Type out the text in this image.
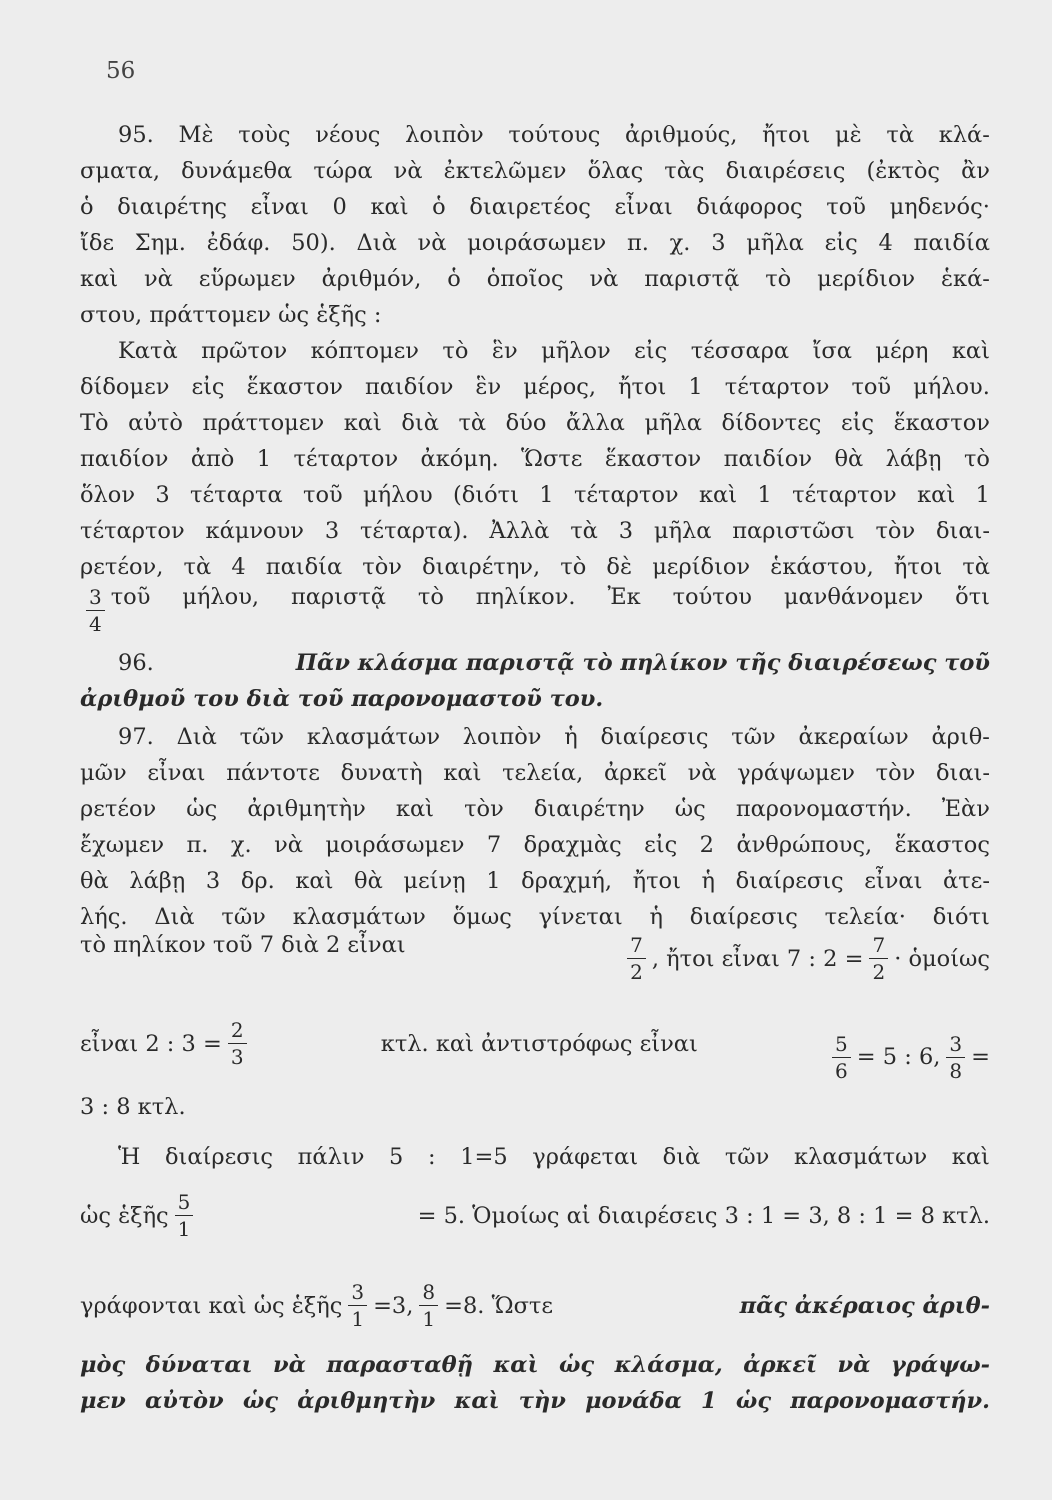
56
95. Μὲ τοὺς νέους λοιπὸν τούτους ἀριθμούς, ἤτοι μὲ τὰ κλά-
σματα, δυνάμεθα τώρα νὰ ἐκτελῶμεν ὅλας τὰς διαιρέσεις (ἐκτὸς ἂν
ὁ διαιρέτης εἶναι 0 καὶ ὁ διαιρετέος εἶναι διάφορος τοῦ μηδενός·
ἴδε Σημ. ἐδάφ. 50). Διὰ νὰ μοιράσωμεν π. χ. 3 μῆλα εἰς 4 παιδία
καὶ νὰ εὕρωμεν ἀριθμόν, ὁ ὁποῖος νὰ παριστᾷ τὸ μερίδιον ἑκά-
στου, πράττομεν ὡς ἑξῆς :
Κατὰ πρῶτον κόπτομεν τὸ ἓν μῆλον εἰς τέσσαρα ἴσα μέρη καὶ
δίδομεν εἰς ἕκαστον παιδίον ἓν μέρος, ἤτοι 1 τέταρτον τοῦ μήλου.
Τὸ αὐτὸ πράττομεν καὶ διὰ τὰ δύο ἄλλα μῆλα δίδοντες εἰς ἕκαστον
παιδίον ἀπὸ 1 τέταρτον ἀκόμη. Ὥστε ἕκαστον παιδίον θὰ λάβῃ τὸ
ὅλον 3 τέταρτα τοῦ μήλου (διότι 1 τέταρτον καὶ 1 τέταρτον καὶ 1
τέταρτον κάμνουν 3 τέταρτα). Ἀλλὰ τὰ 3 μῆλα παριστῶσι τὸν διαι-
ρετέον, τὰ 4 παιδία τὸν διαιρέτην, τὸ δὲ μερίδιον ἑκάστου, ἤτοι τὰ
$\frac{3}{4}$ τοῦ μήλου, παριστᾷ τὸ πηλίκον. Ἐκ τούτου μανθάνομεν ὅτι
96.	Πᾶν κλάσμα παριστᾷ τὸ πηλίκον τῆς διαιρέσεως τοῦ
ἀριθμοῦ του διὰ τοῦ παρονομαστοῦ του.
97. Διὰ τῶν κλασμάτων λοιπὸν ἡ διαίρεσις τῶν ἀκεραίων ἀριθ-
μῶν εἶναι πάντοτε δυνατὴ καὶ τελεία, ἀρκεῖ νὰ γράψωμεν τὸν διαι-
ρετέον ὡς ἀριθμητὴν καὶ τὸν διαιρέτην ὡς παρονομαστήν. Ἐὰν
ἔχωμεν π. χ. νὰ μοιράσωμεν 7 δραχμὰς εἰς 2 ἀνθρώπους, ἕκαστος
θὰ λάβῃ 3 δρ. καὶ θὰ μείνῃ 1 δραχμή, ἤτοι ἡ διαίρεσις εἶναι ἀτε-
λής. Διὰ τῶν κλασμάτων ὅμως γίνεται ἡ διαίρεσις τελεία· διότι
τὸ πηλίκον τοῦ 7 διὰ 2 εἶναι	$\frac{7}{2}$ , ἤτοι εἶναι 7 : $2 = \frac{7}{2}$ · ὁμοίως
εἶναι 2 : $3 = \frac{2}{3}$	κτλ. καὶ ἀντιστρόφως εἶναι	$\frac{5}{6} = 5$ : 6, $\frac{3}{8}$ =
3 : 8 κτλ.
Ἡ διαίρεσις πάλιν 5 : 1=5 γράφεται διὰ τῶν κλασμάτων καὶ
ὡς ἑξῆς $\frac{5}{1}$	= 5. Ὁμοίως αἱ διαιρέσεις 3 : 1 = 3, 8 : 1 = 8 κτλ.
γράφονται καὶ ὡς ἑξῆς $\frac{3}{1} =3$, $\frac{8}{1} =8$. Ὥστε	πᾶς ἀκέραιος ἀριθ-
μὸς δύναται νὰ παρασταθῇ καὶ ὡς κλάσμα, ἀρκεῖ νὰ γράψω-
μεν αὐτὸν ὡς ἀριθμητὴν καὶ τὴν μονάδα 1 ὡς παρονομαστήν.
